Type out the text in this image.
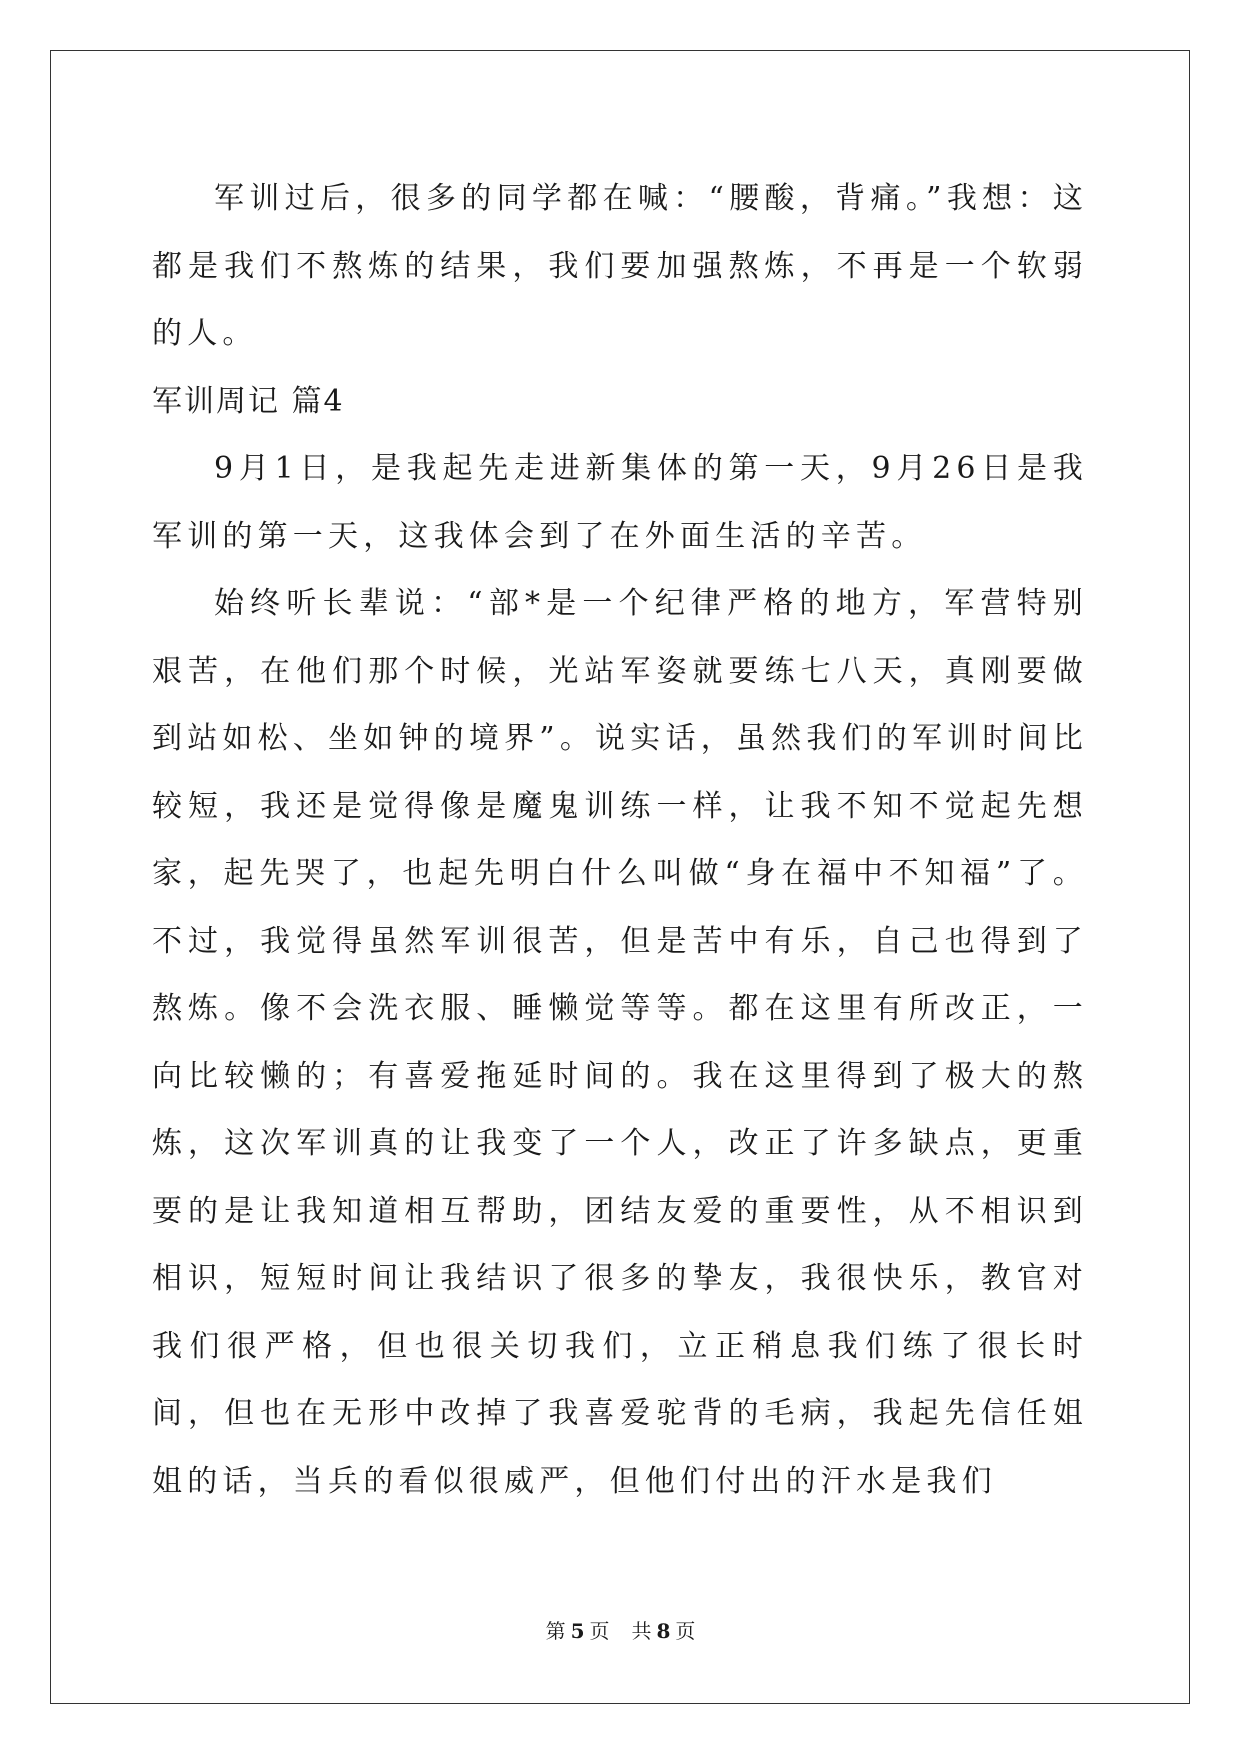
军训过后，很多的同学都在喊：“腰酸，背痛。”我想：这都是我们不熬炼的结果，我们要加强熬炼，不再是一个软弱的人。

军训周记 篇4

9月1日，是我起先走进新集体的第一天，9月26日是我军训的第一天，这我体会到了在外面生活的辛苦。

始终听长辈说：“部*是一个纪律严格的地方，军营特别艰苦，在他们那个时候，光站军姿就要练七八天，真刚要做到站如松、坐如钟的境界”。说实话，虽然我们的军训时间比较短，我还是觉得像是魔鬼训练一样，让我不知不觉起先想家，起先哭了，也起先明白什么叫做“身在福中不知福”了。不过，我觉得虽然军训很苦，但是苦中有乐，自己也得到了熬炼。像不会洗衣服、睡懒觉等等。都在这里有所改正，一向比较懒的；有喜爱拖延时间的。我在这里得到了极大的熬炼，这次军训真的让我变了一个人，改正了许多缺点，更重要的是让我知道相互帮助，团结友爱的重要性，从不相识到相识，短短时间让我结识了很多的挚友，我很快乐，教官对我们很严格，但也很关切我们，立正稍息我们练了很长时间，但也在无形中改掉了我喜爱驼背的毛病，我起先信任姐姐的话，当兵的看似很威严，但他们付出的汗水是我们

第 5 页 共 8 页
